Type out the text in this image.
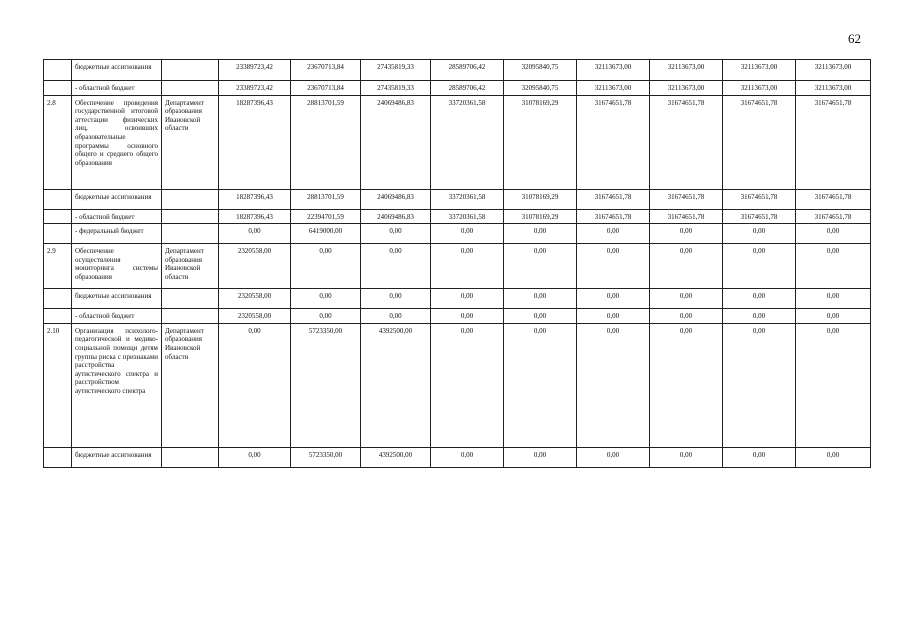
62
	бюджетные ассигнования		23389723,42	23670713,84	27435819,33	28589706,42	32095840,75	32113673,00	32113673,00	32113673,00	32113673,00
	- областной бюджет		23389723,42	23670713,84	27435819,33	28589706,42	32095840,75	32113673,00	32113673,00	32113673,00	32113673,00
2.8	Обеспечение проведения государственной итоговой аттестации физических лиц, освоивших образовательные программы основного общего и среднего общего образования	Департамент образования Ивановской области	18287396,43	28813701,59	24069486,83	33720361,58	31078169,29	31674651,78	31674651,78	31674651,78	31674651,78
	бюджетные ассигнования		18287396,43	28813701,59	24069486,83	33720361,58	31078169,29	31674651,78	31674651,78	31674651,78	31674651,78
	- областной бюджет		18287396,43	22394701,59	24069486,83	33720361,58	31078169,29	31674651,78	31674651,78	31674651,78	31674651,78
	- федеральный бюджет		0,00	6419000,00	0,00	0,00	0,00	0,00	0,00	0,00	0,00
2.9	Обеспечение осуществления мониторинга системы образования	Департамент образования Ивановской области	2320558,00	0,00	0,00	0,00	0,00	0,00	0,00	0,00	0,00
	бюджетные ассигнования		2320558,00	0,00	0,00	0,00	0,00	0,00	0,00	0,00	0,00
	- областной бюджет		2320558,00	0,00	0,00	0,00	0,00	0,00	0,00	0,00	0,00
2.10	Организация психолого-педагогической и медико-социальной помощи детям группы риска с признаками расстройства аутистического спектра и расстройством аутистического спектра	Департамент образования Ивановской области	0,00	5723350,00	4392500,00	0,00	0,00	0,00	0,00	0,00	0,00
	бюджетные ассигнования		0,00	5723350,00	4392500,00	0,00	0,00	0,00	0,00	0,00	0,00
